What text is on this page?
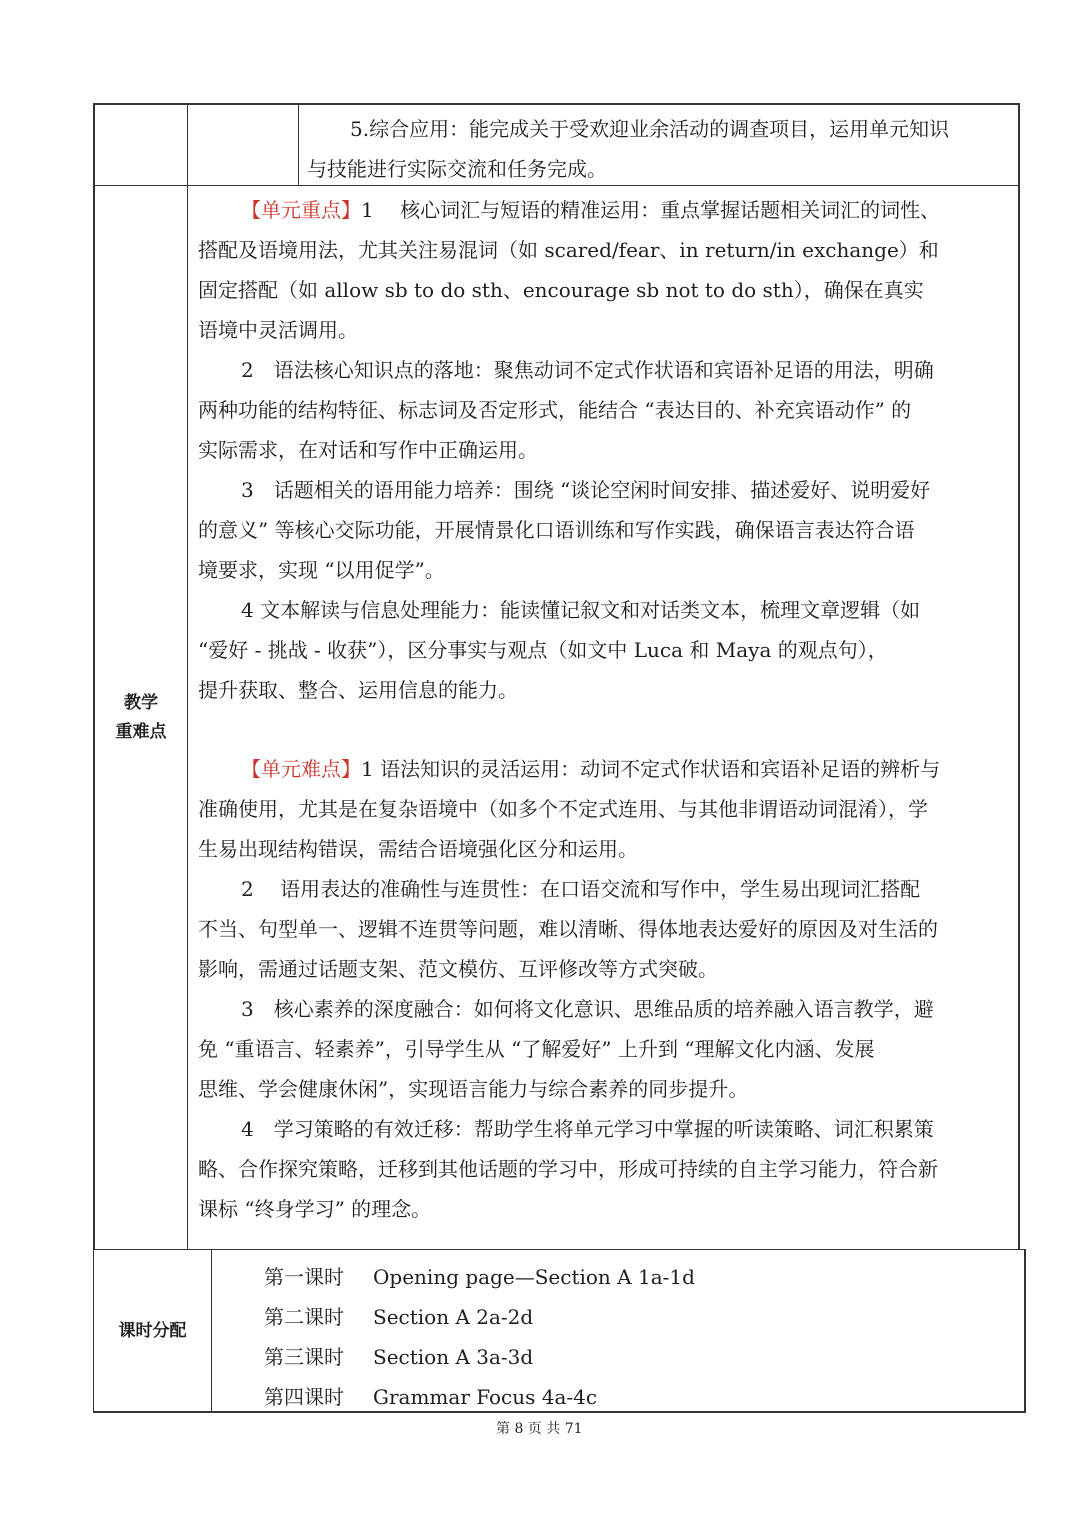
5.综合应用：能完成关于受欢迎业余活动的调查项目，运用单元知识
与技能进行实际交流和任务完成。
教学
重难点
【单元重点】1　 核心词汇与短语的精准运用：重点掌握话题相关词汇的词性、
搭配及语境用法，尤其关注易混词（如 scared/fear、in return/in exchange）和
固定搭配（如 allow sb to do sth、encourage sb not to do sth），确保在真实
语境中灵活调用。
2　语法核心知识点的落地：聚焦动词不定式作状语和宾语补足语的用法，明确
两种功能的结构特征、标志词及否定形式，能结合 “表达目的、补充宾语动作” 的
实际需求，在对话和写作中正确运用。
3　话题相关的语用能力培养：围绕 “谈论空闲时间安排、描述爱好、说明爱好
的意义” 等核心交际功能，开展情景化口语训练和写作实践，确保语言表达符合语
境要求，实现 “以用促学”。
4 文本解读与信息处理能力：能读懂记叙文和对话类文本，梳理文章逻辑（如
“爱好 - 挑战 - 收获”），区分事实与观点（如文中 Luca 和 Maya 的观点句），
提升获取、整合、运用信息的能力。
【单元难点】1 语法知识的灵活运用：动词不定式作状语和宾语补足语的辨析与
准确使用，尤其是在复杂语境中（如多个不定式连用、与其他非谓语动词混淆），学
生易出现结构错误，需结合语境强化区分和运用。
2　 语用表达的准确性与连贯性：在口语交流和写作中，学生易出现词汇搭配
不当、句型单一、逻辑不连贯等问题，难以清晰、得体地表达爱好的原因及对生活的
影响，需通过话题支架、范文模仿、互评修改等方式突破。
3　核心素养的深度融合：如何将文化意识、思维品质的培养融入语言教学，避
免 “重语言、轻素养”，引导学生从 “了解爱好” 上升到 “理解文化内涵、发展
思维、学会健康休闲”，实现语言能力与综合素养的同步提升。
4　学习策略的有效迁移：帮助学生将单元学习中掌握的听读策略、词汇积累策
略、合作探究策略，迁移到其他话题的学习中，形成可持续的自主学习能力，符合新
课标 “终身学习” 的理念。
课时分配
第一课时 Opening page—Section A 1a-1d
第二课时 Section A 2a-2d
第三课时 Section A 3a-3d
第四课时 Grammar Focus 4a-4c
第 8 页 共 71
